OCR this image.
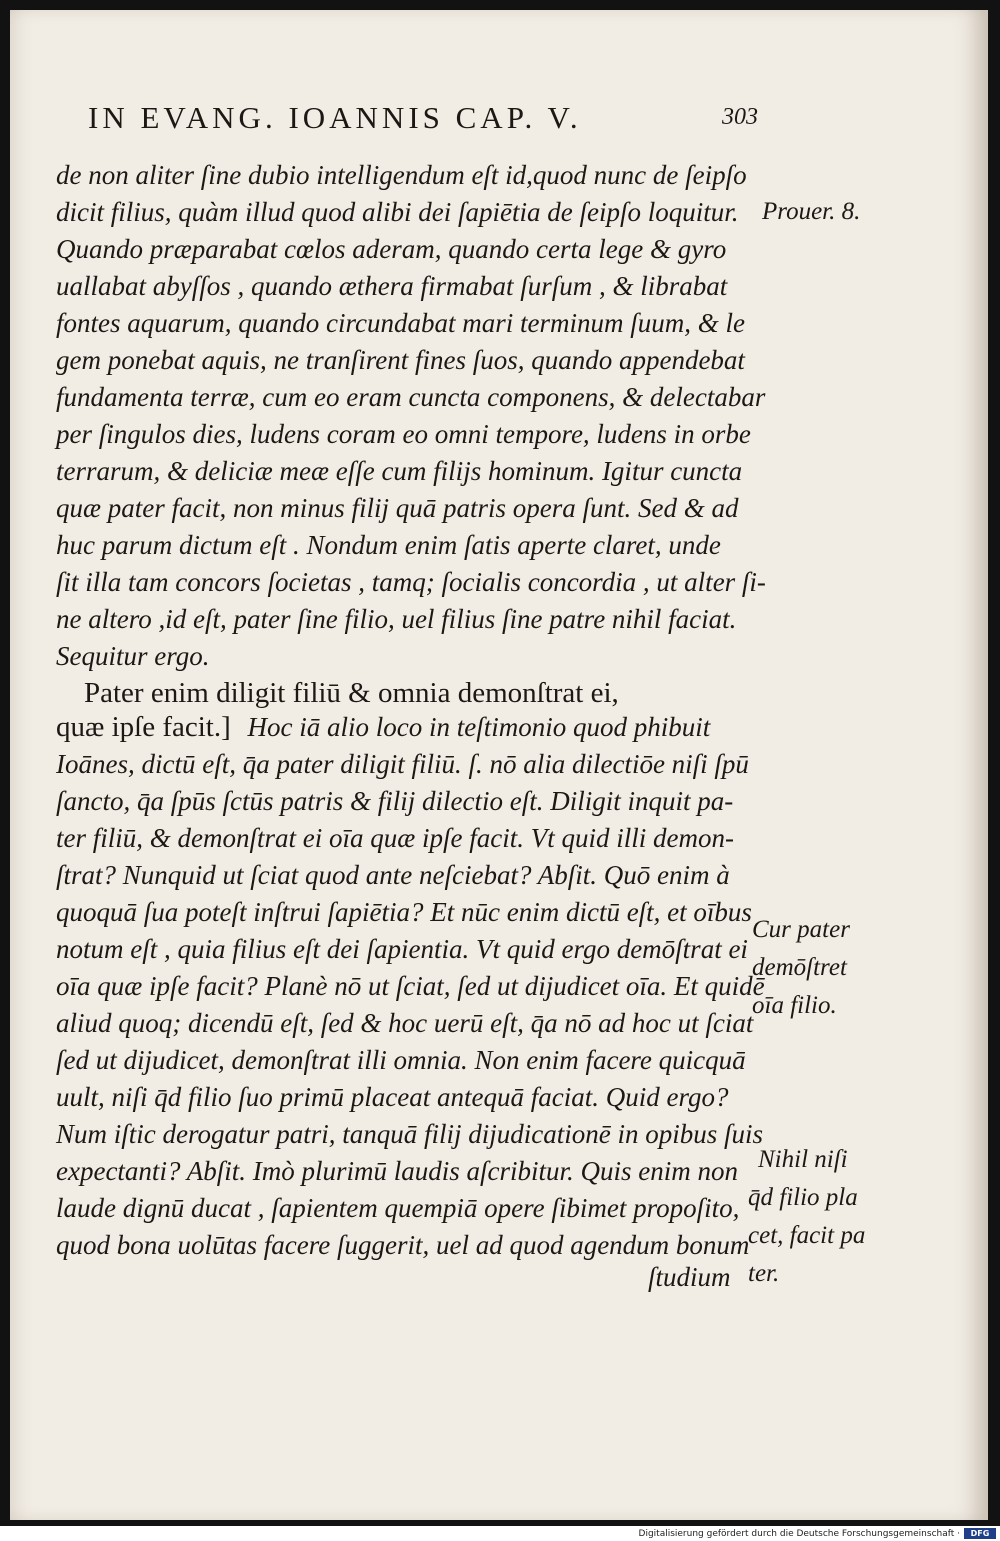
IN EVANG. IOANNIS CAP. V.	303
de non aliter ſine dubio intelligendum eſt id,quod nunc de ſeipſo
dicit filius, quàm illud quod alibi dei ſapiētia de ſeipſo loquitur.
Quando præparabat cœlos aderam, quando certa lege & gyro
uallabat abyſſos , quando æthera firmabat ſurſum , & librabat
fontes aquarum, quando circundabat mari terminum ſuum, & le
gem ponebat aquis, ne tranſirent fines ſuos, quando appendebat
fundamenta terræ, cum eo eram cuncta componens, & delectabar
per ſingulos dies, ludens coram eo omni tempore, ludens in orbe
terrarum, & deliciæ meæ eſſe cum filijs hominum. Igitur cuncta
quæ pater facit, non minus filij quā patris opera ſunt. Sed & ad
huc parum dictum eſt . Nondum enim ſatis aperte claret, unde
ſit illa tam concors ſocietas , tamq; ſocialis concordia , ut alter ſi-
ne altero ,id eſt, pater ſine filio, uel filius ſine patre nihil faciat.
Sequitur ergo.
Pater enim diligit filiū & omnia demonſtrat ei,
quæ ipſe facit.] Hoc iā alio loco in teſtimonio quod phibuit
Ioānes, dictū eſt, q̄a pater diligit filiū. ſ. nō alia dilectiōe niſi ſpū
ſancto, q̄a ſpūs ſctūs patris & filij dilectio eſt. Diligit inquit pa-
ter filiū, & demonſtrat ei oīa quæ ipſe facit. Vt quid illi demon-
ſtrat? Nunquid ut ſciat quod ante neſciebat? Abſit. Quō enim à
quoquā ſua poteſt inſtrui ſapiētia? Et nūc enim dictū eſt, et oībus
notum eſt , quia filius eſt dei ſapientia. Vt quid ergo demōſtrat ei
oīa quæ ipſe facit? Planè nō ut ſciat, ſed ut dijudicet oīa. Et quidē
aliud quoq; dicendū eſt, ſed & hoc uerū eſt, q̄a nō ad hoc ut ſciat
ſed ut dijudicet, demonſtrat illi omnia. Non enim facere quicquā
uult, niſi q̄d filio ſuo primū placeat antequā faciat. Quid ergo?
Num iſtic derogatur patri, tanquā filij dijudicationē in opibus ſuis
expectanti? Abſit. Imò plurimū laudis aſcribitur. Quis enim non
laude dignū ducat , ſapientem quempiā opere ſibimet propoſito,
quod bona uolūtas facere ſuggerit, uel ad quod agendum bonum
ſtudium
Prouer. 8.
Cur pater
demōſtret
oīa filio.
Nihil niſi
q̄d filio pla
cet, facit pa
ter.
Digitalisierung gefördert durch die Deutsche Forschungsgemeinschaft ·	DFG
